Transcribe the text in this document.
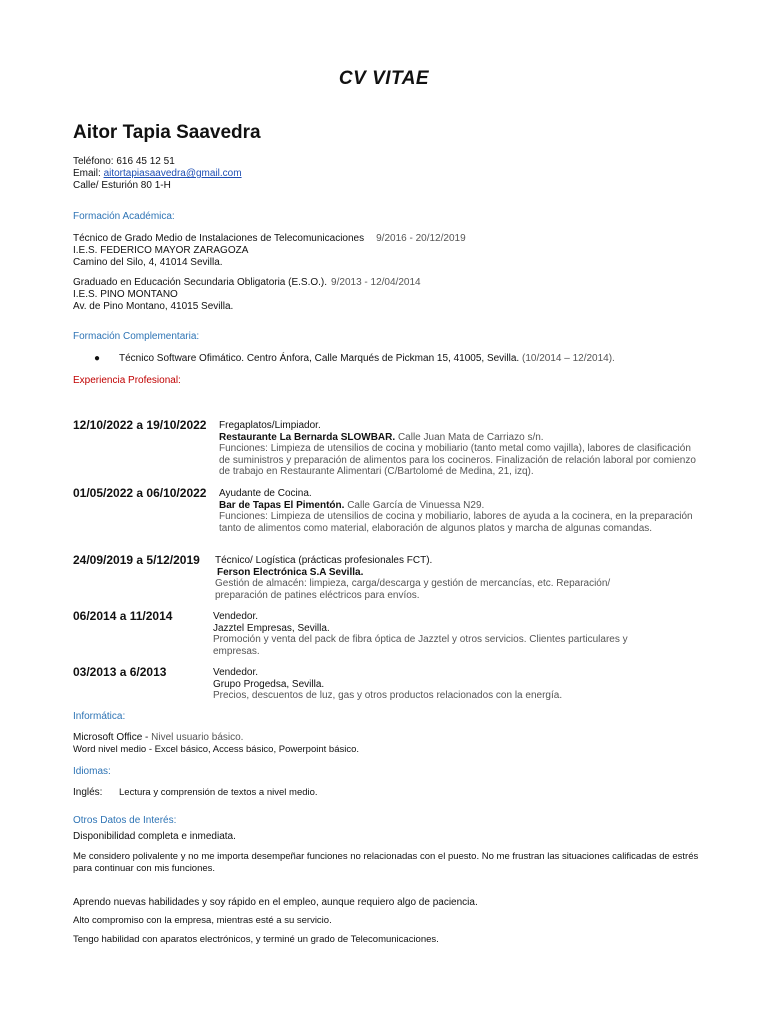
CV VITAE
Aitor Tapia Saavedra
Teléfono: 616 45 12 51
Email: aitortapiasaavedra@gmail.com
Calle/ Esturión 80 1-H
Formación Académica:
Técnico de Grado Medio de Instalaciones de Telecomunicaciones 9/2016 - 20/12/2019
I.E.S. FEDERICO MAYOR ZARAGOZA
Camino del Silo, 4, 41014 Sevilla.
Graduado en Educación Secundaria Obligatoria (E.S.O.). 9/2013 - 12/04/2014
I.E.S. PINO MONTANO
Av. de Pino Montano, 41015 Sevilla.
Formación Complementaria:
● Técnico Software Ofimático. Centro Ánfora, Calle Marqués de Pickman 15, 41005, Sevilla. (10/2014 – 12/2014).
Experiencia Profesional:
12/10/2022 a 19/10/2022 Fregaplatos/Limpiador.
Restaurante La Bernarda SLOWBAR. Calle Juan Mata de Carriazo s/n.
Funciones: Limpieza de utensilios de cocina y mobiliario (tanto metal como vajilla), labores de clasificación de suministros y preparación de alimentos para los cocineros. Finalización de relación laboral por comienzo de trabajo en Restaurante Alimentari (C/Bartolomé de Medina, 21, izq).
01/05/2022 a 06/10/2022 Ayudante de Cocina.
Bar de Tapas El Pimentón. Calle García de Vinuessa N29.
Funciones: Limpieza de utensilios de cocina y mobiliario, labores de ayuda a la cocinera, en la preparación tanto de alimentos como material, elaboración de algunos platos y marcha de algunas comandas.
24/09/2019 a 5/12/2019 Técnico/ Logística (prácticas profesionales FCT).
Ferson Electrónica S.A Sevilla.
Gestión de almacén: limpieza, carga/descarga y gestión de mercancías, etc. Reparación/ preparación de patines eléctricos para envíos.
06/2014 a 11/2014	Vendedor.
Jazztel Empresas, Sevilla.
Promoción y venta del pack de fibra óptica de Jazztel y otros servicios. Clientes particulares y empresas.
03/2013 a 6/2013	Vendedor.
Grupo Progedsa, Sevilla.
Precios, descuentos de luz, gas y otros productos relacionados con la energía.
Informática:
Microsoft Office - Nivel usuario básico.
Word nivel medio - Excel básico, Access básico, Powerpoint básico.
Idiomas:
Inglés: Lectura y comprensión de textos a nivel medio.
Otros Datos de Interés:
Disponibilidad completa e inmediata.
Me considero polivalente y no me importa desempeñar funciones no relacionadas con el puesto. No me frustran las situaciones calificadas de estrés para continuar con mis funciones.
Aprendo nuevas habilidades y soy rápido en el empleo, aunque requiero algo de paciencia.
Alto compromiso con la empresa, mientras esté a su servicio.
Tengo habilidad con aparatos electrónicos, y terminé un grado de Telecomunicaciones.
